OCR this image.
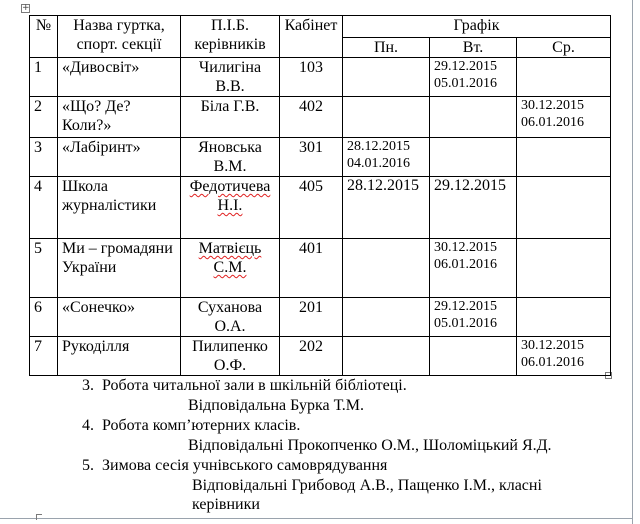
+
№	Назва гуртка, спорт. секції	П.І.Б. керівників	Кабінет	Графік		
				Пн.	Вт.	Ср.
1	«Дивосвіт»	Чилигіна В.В.	103		29.12.2015
05.01.2016	
2	«Що? Де? Коли?»	Біла Г.В.	402			30.12.2015
06.01.2016
3	«Лабіринт»	Яновська В.М.	301	28.12.2015
04.01.2016		
4	Школа журналістики	Федотичева Н.І.	405	28.12.2015	29.12.2015	
5	Ми – громадяни України	Матвієць С.М.	401		30.12.2015
06.01.2016	
6	«Сонечко»	Суханова О.А.	201		29.12.2015
05.01.2016	
7	Рукоділля	Пилипенко О.Ф.	202			30.12.2015
06.01.2016
3. Робота читальної зали в шкільній бібліотеці.
Відповідальна Бурка Т.М.
4. Робота комп’ютерних класів.
Відповідальні Прокопченко О.М., Шоломіцький Я.Д.
5. Зимова сесія учнівського самоврядування
Відповідальні Грибовод А.В., Пащенко І.М., класні
керівники
